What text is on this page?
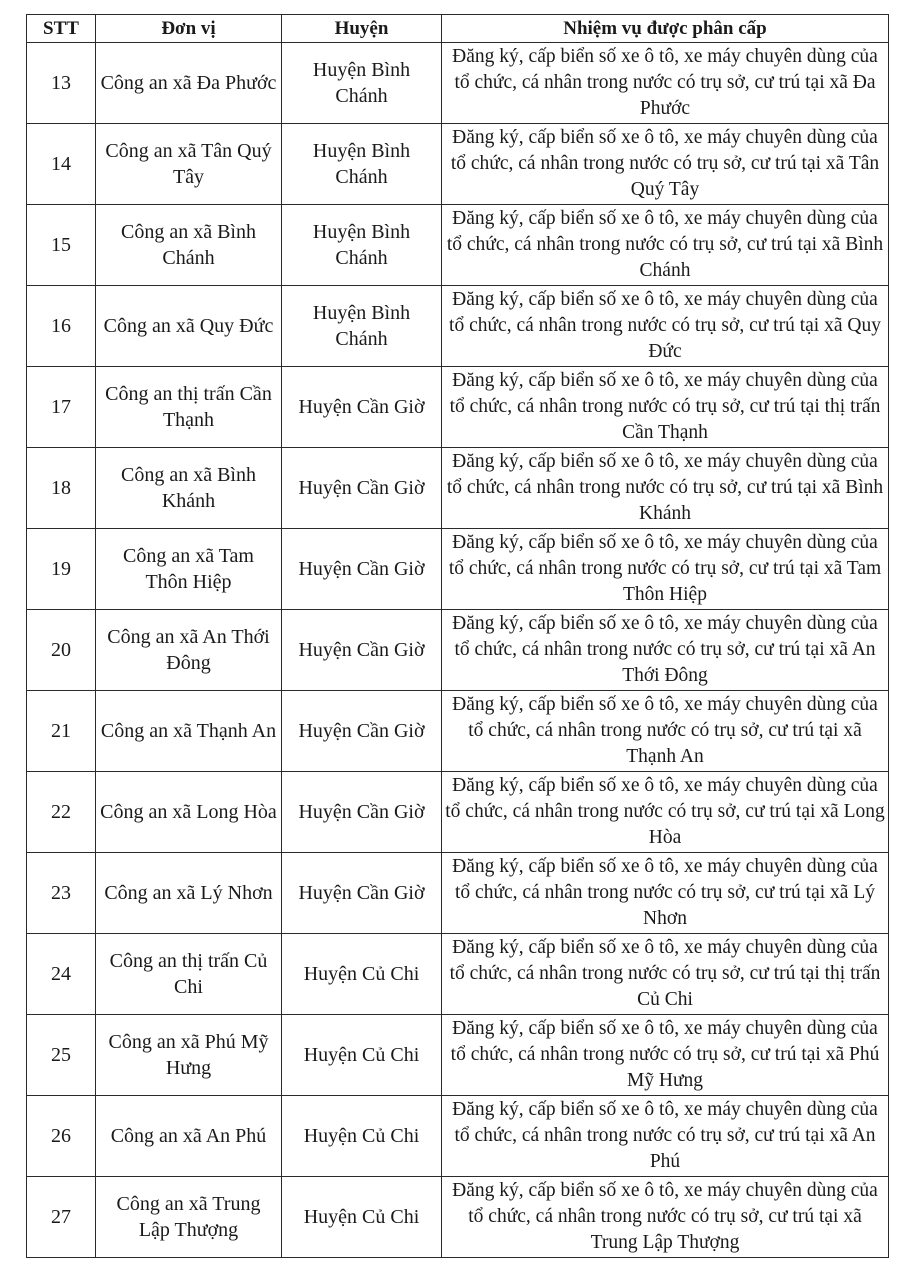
STT	Đơn vị	Huyện	Nhiệm vụ được phân cấp
13	Công an xã Đa Phước	Huyện Bình Chánh	Đăng ký, cấp biển số xe ô tô, xe máy chuyên dùng của tổ chức, cá nhân trong nước có trụ sở, cư trú tại xã Đa Phước
14	Công an xã Tân Quý Tây	Huyện Bình Chánh	Đăng ký, cấp biển số xe ô tô, xe máy chuyên dùng của tổ chức, cá nhân trong nước có trụ sở, cư trú tại xã Tân Quý Tây
15	Công an xã Bình Chánh	Huyện Bình Chánh	Đăng ký, cấp biển số xe ô tô, xe máy chuyên dùng của tổ chức, cá nhân trong nước có trụ sở, cư trú tại xã Bình Chánh
16	Công an xã Quy Đức	Huyện Bình Chánh	Đăng ký, cấp biển số xe ô tô, xe máy chuyên dùng của tổ chức, cá nhân trong nước có trụ sở, cư trú tại xã Quy Đức
17	Công an thị trấn Cần Thạnh	Huyện Cần Giờ	Đăng ký, cấp biển số xe ô tô, xe máy chuyên dùng của tổ chức, cá nhân trong nước có trụ sở, cư trú tại thị trấn Cần Thạnh
18	Công an xã Bình Khánh	Huyện Cần Giờ	Đăng ký, cấp biển số xe ô tô, xe máy chuyên dùng của tổ chức, cá nhân trong nước có trụ sở, cư trú tại xã Bình Khánh
19	Công an xã Tam Thôn Hiệp	Huyện Cần Giờ	Đăng ký, cấp biển số xe ô tô, xe máy chuyên dùng của tổ chức, cá nhân trong nước có trụ sở, cư trú tại xã Tam Thôn Hiệp
20	Công an xã An Thới Đông	Huyện Cần Giờ	Đăng ký, cấp biển số xe ô tô, xe máy chuyên dùng của tổ chức, cá nhân trong nước có trụ sở, cư trú tại xã An Thới Đông
21	Công an xã Thạnh An	Huyện Cần Giờ	Đăng ký, cấp biển số xe ô tô, xe máy chuyên dùng của tổ chức, cá nhân trong nước có trụ sở, cư trú tại xã Thạnh An
22	Công an xã Long Hòa	Huyện Cần Giờ	Đăng ký, cấp biển số xe ô tô, xe máy chuyên dùng của tổ chức, cá nhân trong nước có trụ sở, cư trú tại xã Long Hòa
23	Công an xã Lý Nhơn	Huyện Cần Giờ	Đăng ký, cấp biển số xe ô tô, xe máy chuyên dùng của tổ chức, cá nhân trong nước có trụ sở, cư trú tại xã Lý Nhơn
24	Công an thị trấn Củ Chi	Huyện Củ Chi	Đăng ký, cấp biển số xe ô tô, xe máy chuyên dùng của tổ chức, cá nhân trong nước có trụ sở, cư trú tại thị trấn Củ Chi
25	Công an xã Phú Mỹ Hưng	Huyện Củ Chi	Đăng ký, cấp biển số xe ô tô, xe máy chuyên dùng của tổ chức, cá nhân trong nước có trụ sở, cư trú tại xã Phú Mỹ Hưng
26	Công an xã An Phú	Huyện Củ Chi	Đăng ký, cấp biển số xe ô tô, xe máy chuyên dùng của tổ chức, cá nhân trong nước có trụ sở, cư trú tại xã An Phú
27	Công an xã Trung Lập Thượng	Huyện Củ Chi	Đăng ký, cấp biển số xe ô tô, xe máy chuyên dùng của tổ chức, cá nhân trong nước có trụ sở, cư trú tại xã Trung Lập Thượng
